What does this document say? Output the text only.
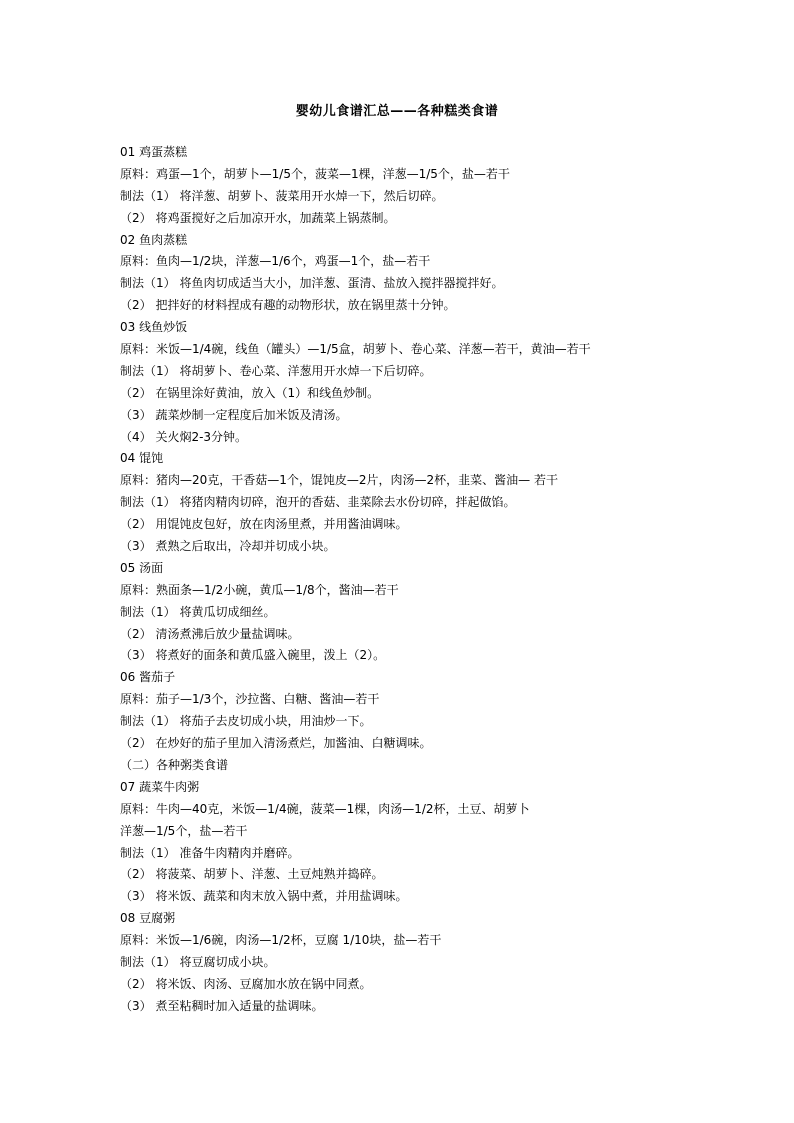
婴幼儿食谱汇总——各种糕类食谱
01 鸡蛋蒸糕
原料：鸡蛋—1个，胡萝卜—1/5个，菠菜—1棵，洋葱—1/5个，盐—若干
制法（1） 将洋葱、胡萝卜、菠菜用开水焯一下，然后切碎。
（2） 将鸡蛋搅好之后加凉开水，加蔬菜上锅蒸制。
02 鱼肉蒸糕
原料：鱼肉—1/2块，洋葱—1/6个，鸡蛋—1个，盐—若干
制法（1） 将鱼肉切成适当大小，加洋葱、蛋清、盐放入搅拌器搅拌好。
（2） 把拌好的材料捏成有趣的动物形状，放在锅里蒸十分钟。
03 线鱼炒饭
原料：米饭—1/4碗，线鱼（罐头）—1/5盒，胡萝卜、卷心菜、洋葱—若干，黄油—若干
制法（1） 将胡萝卜、卷心菜、洋葱用开水焯一下后切碎。
（2） 在锅里涂好黄油，放入（1）和线鱼炒制。
（3） 蔬菜炒制一定程度后加米饭及清汤。
（4） 关火焖2-3分钟。
04 馄饨
原料：猪肉—20克，干香菇—1个，馄饨皮—2片，肉汤—2杯，韭菜、酱油— 若干
制法（1） 将猪肉精肉切碎，泡开的香菇、韭菜除去水份切碎，拌起做馅。
（2） 用馄饨皮包好，放在肉汤里煮，并用酱油调味。
（3） 煮熟之后取出，冷却并切成小块。
05 汤面
原料：熟面条—1/2小碗，黄瓜—1/8个，酱油—若干
制法（1） 将黄瓜切成细丝。
（2） 清汤煮沸后放少量盐调味。
（3） 将煮好的面条和黄瓜盛入碗里，泼上（2）。
06 酱茄子
原料：茄子—1/3个，沙拉酱、白糖、酱油—若干
制法（1） 将茄子去皮切成小块，用油炒一下。
（2） 在炒好的茄子里加入清汤煮烂，加酱油、白糖调味。
（二）各种粥类食谱
07 蔬菜牛肉粥
原料：牛肉—40克，米饭—1/4碗，菠菜—1棵，肉汤—1/2杯，土豆、胡萝卜
洋葱—1/5个，盐—若干
制法（1） 准备牛肉精肉并磨碎。
（2） 将菠菜、胡萝卜、洋葱、土豆炖熟并捣碎。
（3） 将米饭、蔬菜和肉末放入锅中煮，并用盐调味。
08 豆腐粥
原料：米饭—1/6碗，肉汤—1/2杯，豆腐 1/10块，盐—若干
制法（1） 将豆腐切成小块。
（2） 将米饭、肉汤、豆腐加水放在锅中同煮。
（3） 煮至粘稠时加入适量的盐调味。
